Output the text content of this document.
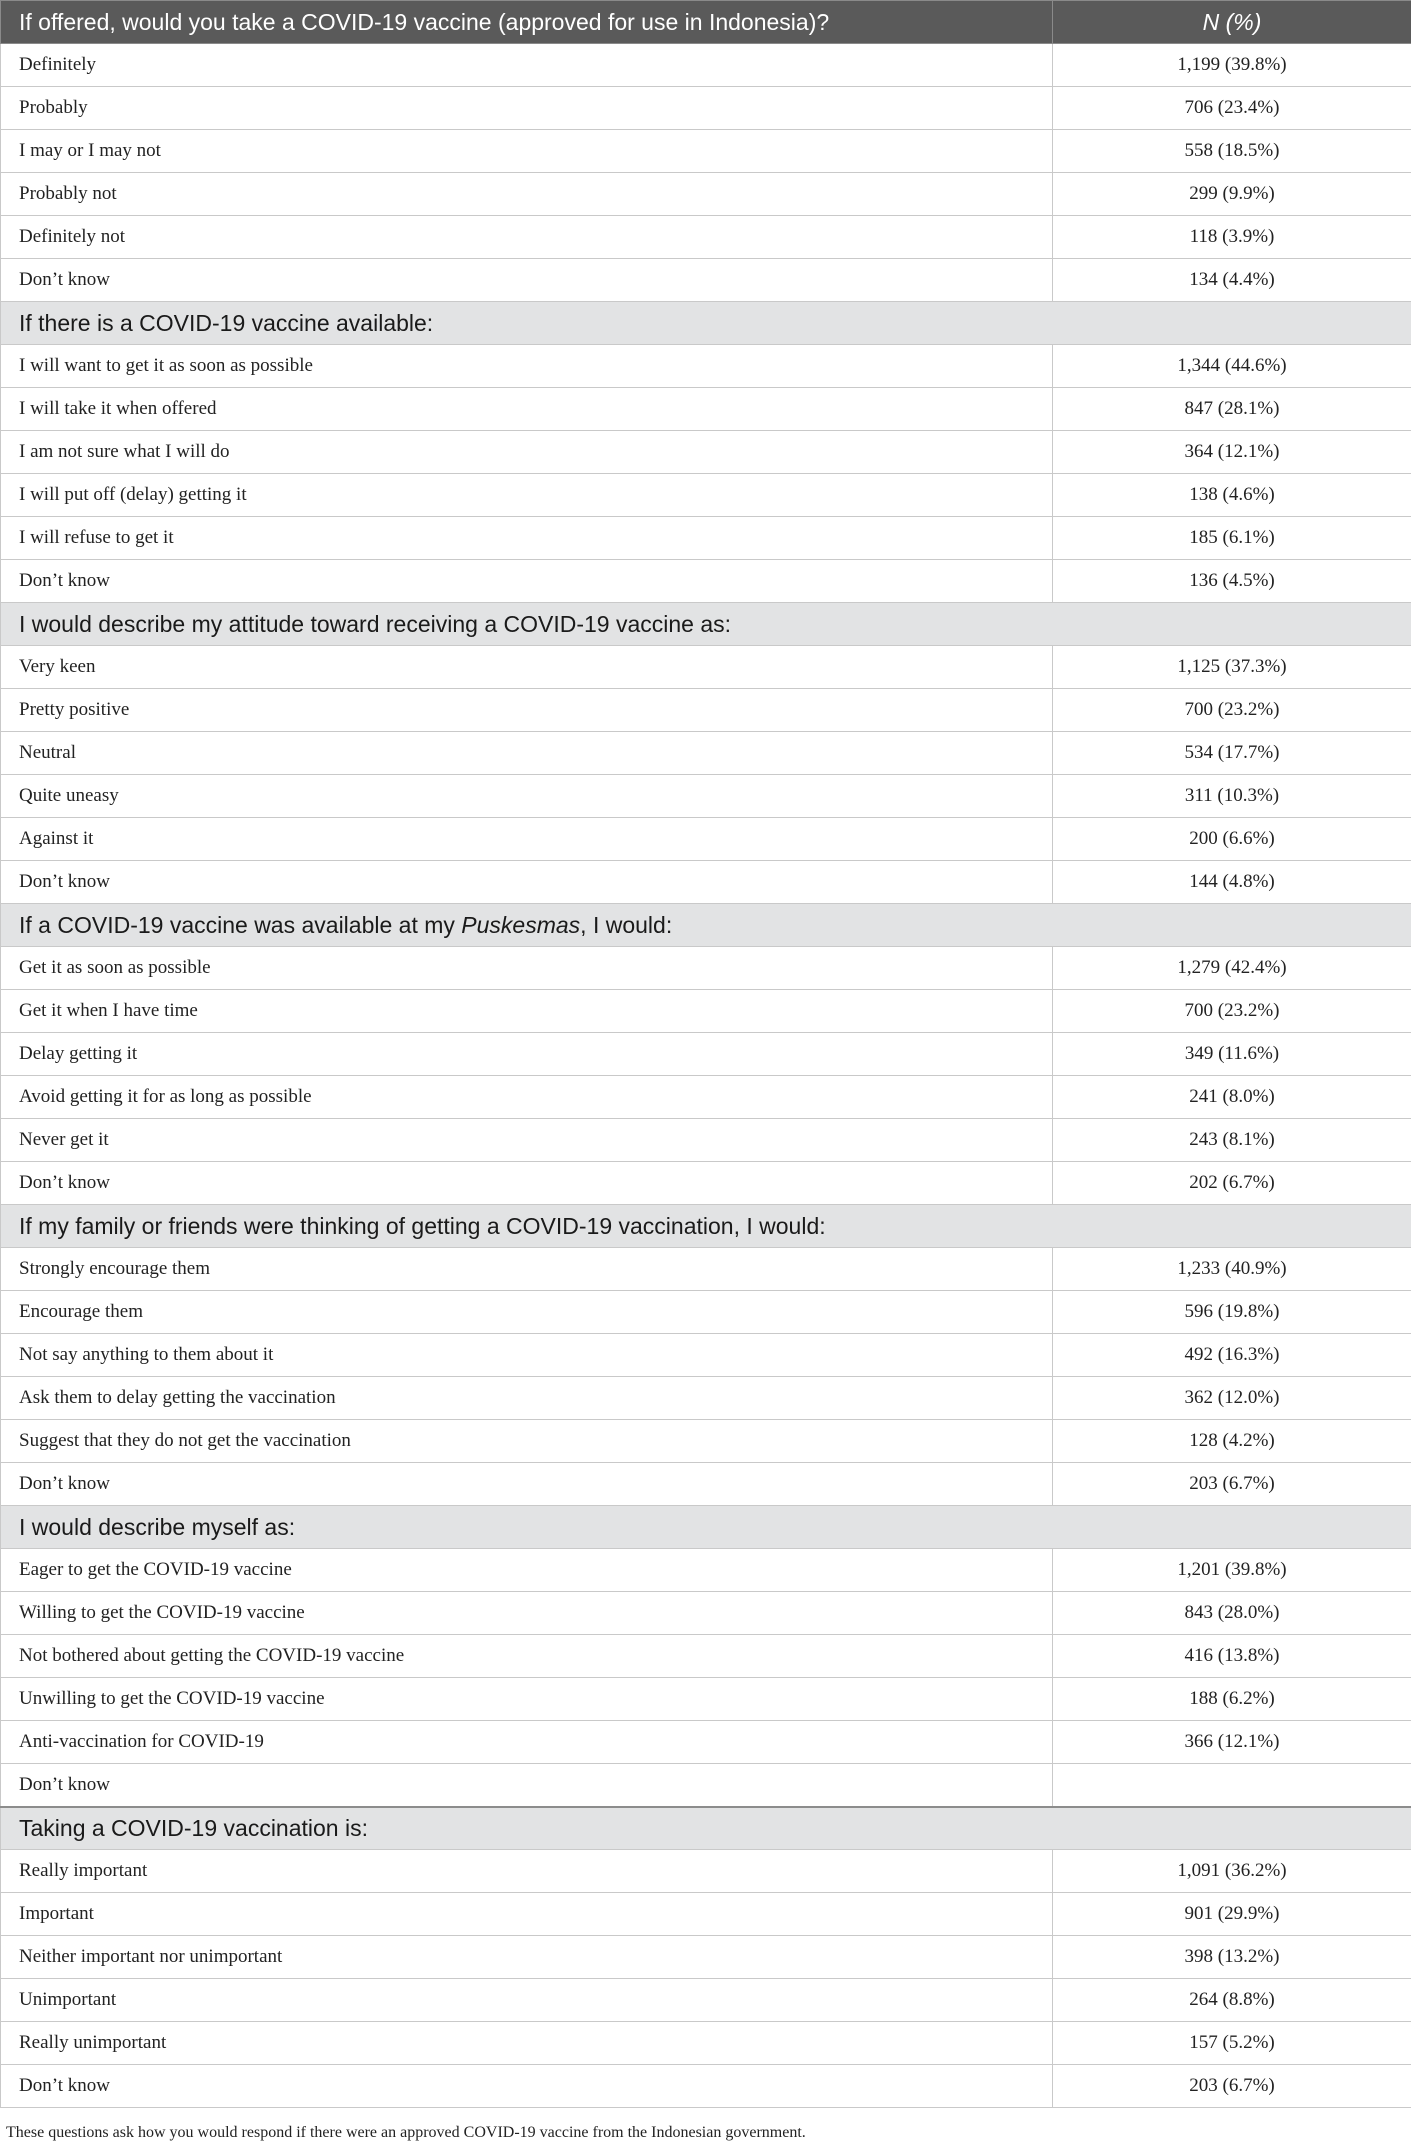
If offered, would you take a COVID-19 vaccine (approved for use in Indonesia)?	N (%)
Definitely	1,199 (39.8%)
Probably	706 (23.4%)
I may or I may not	558 (18.5%)
Probably not	299 (9.9%)
Definitely not	118 (3.9%)
Don’t know	134 (4.4%)
If there is a COVID-19 vaccine available:	
I will want to get it as soon as possible	1,344 (44.6%)
I will take it when offered	847 (28.1%)
I am not sure what I will do	364 (12.1%)
I will put off (delay) getting it	138 (4.6%)
I will refuse to get it	185 (6.1%)
Don’t know	136 (4.5%)
I would describe my attitude toward receiving a COVID-19 vaccine as:	
Very keen	1,125 (37.3%)
Pretty positive	700 (23.2%)
Neutral	534 (17.7%)
Quite uneasy	311 (10.3%)
Against it	200 (6.6%)
Don’t know	144 (4.8%)
If a COVID-19 vaccine was available at my Puskesmas, I would:	
Get it as soon as possible	1,279 (42.4%)
Get it when I have time	700 (23.2%)
Delay getting it	349 (11.6%)
Avoid getting it for as long as possible	241 (8.0%)
Never get it	243 (8.1%)
Don’t know	202 (6.7%)
If my family or friends were thinking of getting a COVID-19 vaccination, I would:	
Strongly encourage them	1,233 (40.9%)
Encourage them	596 (19.8%)
Not say anything to them about it	492 (16.3%)
Ask them to delay getting the vaccination	362 (12.0%)
Suggest that they do not get the vaccination	128 (4.2%)
Don’t know	203 (6.7%)
I would describe myself as:	
Eager to get the COVID-19 vaccine	1,201 (39.8%)
Willing to get the COVID-19 vaccine	843 (28.0%)
Not bothered about getting the COVID-19 vaccine	416 (13.8%)
Unwilling to get the COVID-19 vaccine	188 (6.2%)
Anti-vaccination for COVID-19	366 (12.1%)
Don’t know	
Taking a COVID-19 vaccination is:	
Really important	1,091 (36.2%)
Important	901 (29.9%)
Neither important nor unimportant	398 (13.2%)
Unimportant	264 (8.8%)
Really unimportant	157 (5.2%)
Don’t know	203 (6.7%)
These questions ask how you would respond if there were an approved COVID-19 vaccine from the Indonesian government.
